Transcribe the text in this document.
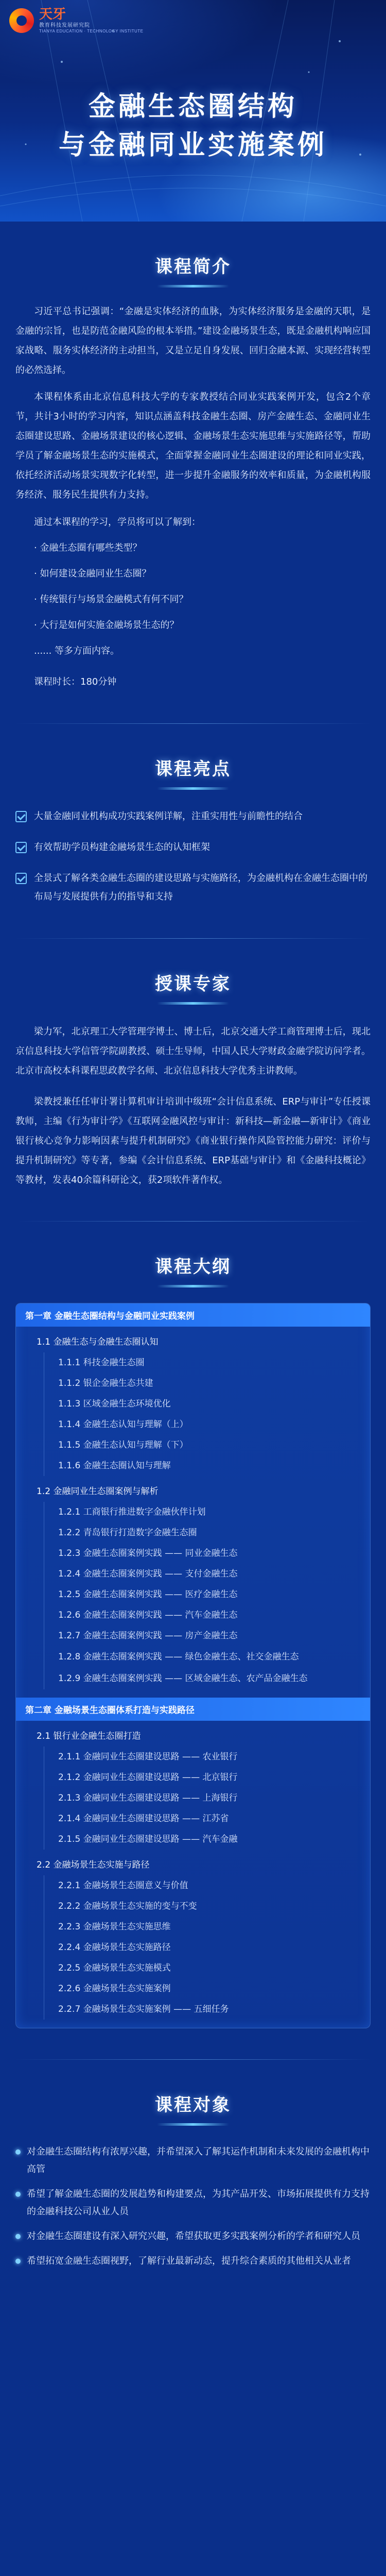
天牙
教育科技发展研究院
TIANYA EDUCATION · TECHNOLOGY INSTITUTE
金融生态圈结构
与金融同业实施案例
课程简介

习近平总书记强调：“金融是实体经济的血脉，为实体经济服务是金融的天职，是金融的宗旨，也是防范金融风险的根本举措。”建设金融场景生态，既是金融机构响应国家战略、服务实体经济的主动担当，又是立足自身发展、回归金融本源、实现经营转型的必然选择。

本课程体系由北京信息科技大学的专家教授结合同业实践案例开发，包含2个章节，共计3小时的学习内容，知识点涵盖科技金融生态圈、房产金融生态、金融同业生态圈建设思路、金融场景建设的核心逻辑、金融场景生态实施思维与实施路径等，帮助学员了解金融场景生态的实施模式，全面掌握金融同业生态圈建设的理论和同业实践，依托经济活动场景实现数字化转型，进一步提升金融服务的效率和质量，为金融机构服务经济、服务民生提供有力支持。

通过本课程的学习，学员将可以了解到：

· 金融生态圈有哪些类型？

· 如何建设金融同业生态圈？

· 传统银行与场景金融模式有何不同？

· 大行是如何实施金融场景生态的？

...... 等多方面内容。

课程时长：180分钟

课程亮点
大量金融同业机构成功实践案例详解，注重实用性与前瞻性的结合
有效帮助学员构建金融场景生态的认知框架
全景式了解各类金融生态圈的建设思路与实施路径，为金融机构在金融生态圈中的布局与发展提供有力的指导和支持
授课专家

梁力军，北京理工大学管理学博士、博士后，北京交通大学工商管理博士后，现北京信息科技大学信管学院副教授、硕士生导师，中国人民大学财政金融学院访问学者。北京市高校本科课程思政教学名师、北京信息科技大学优秀主讲教师。

梁教授兼任任审计署计算机审计培训中级班“会计信息系统、ERP与审计”专任授课教师，主编《行为审计学》《互联网金融风控与审计：新科技—新金融—新审计》《商业银行核心竞争力影响因素与提升机制研究》《商业银行操作风险管控能力研究：评价与提升机制研究》等专著，参编《会计信息系统、ERP基础与审计》和《金融科技概论》等教材，发表40余篇科研论文，获2项软件著作权。

课程大纲
第一章 金融生态圈结构与金融同业实践案例
1.1 金融生态与金融生态圈认知
1.1.1 科技金融生态圈
1.1.2 银企金融生态共建
1.1.3 区域金融生态环境优化
1.1.4 金融生态认知与理解（上）
1.1.5 金融生态认知与理解（下）
1.1.6 金融生态圈认知与理解
1.2 金融同业生态圈案例与解析
1.2.1 工商银行推进数字金融伙伴计划
1.2.2 青岛银行打造数字金融生态圈
1.2.3 金融生态圈案例实践 —— 同业金融生态
1.2.4 金融生态圈案例实践 —— 支付金融生态
1.2.5 金融生态圈案例实践 —— 医疗金融生态
1.2.6 金融生态圈案例实践 —— 汽车金融生态
1.2.7 金融生态圈案例实践 —— 房产金融生态
1.2.8 金融生态圈案例实践 —— 绿色金融生态、社交金融生态
1.2.9 金融生态圈案例实践 —— 区域金融生态、农产品金融生态
第二章 金融场景生态圈体系打造与实践路径
2.1 银行业金融生态圈打造
2.1.1 金融同业生态圈建设思路 —— 农业银行
2.1.2 金融同业生态圈建设思路 —— 北京银行
2.1.3 金融同业生态圈建设思路 —— 上海银行
2.1.4 金融同业生态圈建设思路 —— 江苏省
2.1.5 金融同业生态圈建设思路 —— 汽车金融
2.2 金融场景生态实施与路径
2.2.1 金融场景生态圈意义与价值
2.2.2 金融场景生态实施的变与不变
2.2.3 金融场景生态实施思维
2.2.4 金融场景生态实施路径
2.2.5 金融场景生态实施模式
2.2.6 金融场景生态实施案例
2.2.7 金融场景生态实施案例 —— 五细任务
课程对象
对金融生态圈结构有浓厚兴趣，并希望深入了解其运作机制和未来发展的金融机构中高管
希望了解金融生态圈的发展趋势和构建要点，为其产品开发、市场拓展提供有力支持的金融科技公司从业人员
对金融生态圈建设有深入研究兴趣，希望获取更多实践案例分析的学者和研究人员
希望拓宽金融生态圈视野，了解行业最新动态，提升综合素质的其他相关从业者
